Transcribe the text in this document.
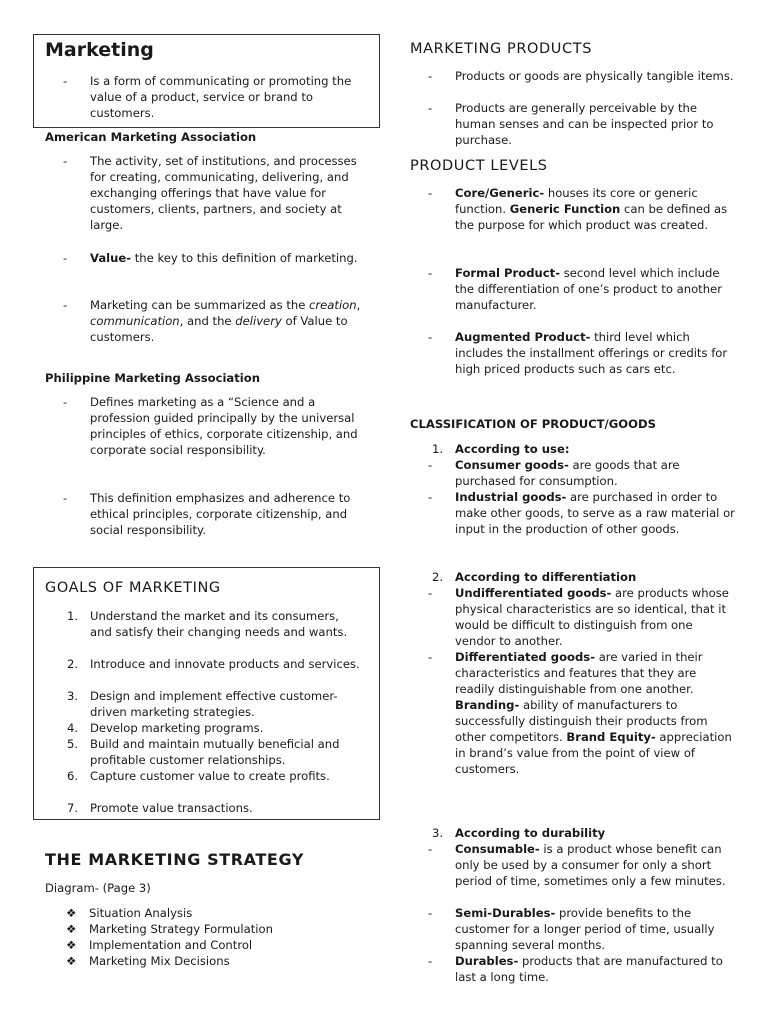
Marketing
- Is a form of communicating or promoting the value of a product, service or brand to customers.
American Marketing Association
- The activity, set of institutions, and processes for creating, communicating, delivering, and exchanging offerings that have value for customers, clients, partners, and society at large.
- Value- the key to this definition of marketing.
- Marketing can be summarized as the creation, communication, and the delivery of Value to customers.
Philippine Marketing Association
- Defines marketing as a “Science and a profession guided principally by the universal principles of ethics, corporate citizenship, and corporate social responsibility.
- This definition emphasizes and adherence to ethical principles, corporate citizenship, and social responsibility.
GOALS OF MARKETING
1. Understand the market and its consumers, and satisfy their changing needs and wants.
2. Introduce and innovate products and services.
3. Design and implement effective customer-driven marketing strategies.
4. Develop marketing programs.
5. Build and maintain mutually beneficial and profitable customer relationships.
6. Capture customer value to create profits.
7. Promote value transactions.
THE MARKETING STRATEGY
Diagram- (Page 3)
❖ Situation Analysis
❖ Marketing Strategy Formulation
❖ Implementation and Control
❖ Marketing Mix Decisions
MARKETING PRODUCTS
- Products or goods are physically tangible items.
- Products are generally perceivable by the human senses and can be inspected prior to purchase.
PRODUCT LEVELS
- Core/Generic- houses its core or generic function. Generic Function can be defined as the purpose for which product was created.
- Formal Product- second level which include the differentiation of one’s product to another manufacturer.
- Augmented Product- third level which includes the installment offerings or credits for high priced products such as cars etc.
CLASSIFICATION OF PRODUCT/GOODS
1. According to use:
- Consumer goods- are goods that are purchased for consumption.
- Industrial goods- are purchased in order to make other goods, to serve as a raw material or input in the production of other goods.
2. According to differentiation
- Undifferentiated goods- are products whose physical characteristics are so identical, that it would be difficult to distinguish from one vendor to another.
- Differentiated goods- are varied in their characteristics and features that they are readily distinguishable from one another. Branding- ability of manufacturers to successfully distinguish their products from other competitors. Brand Equity- appreciation in brand’s value from the point of view of customers.
3. According to durability
- Consumable- is a product whose benefit can only be used by a consumer for only a short period of time, sometimes only a few minutes.
- Semi-Durables- provide benefits to the customer for a longer period of time, usually spanning several months.
- Durables- products that are manufactured to last a long time.
